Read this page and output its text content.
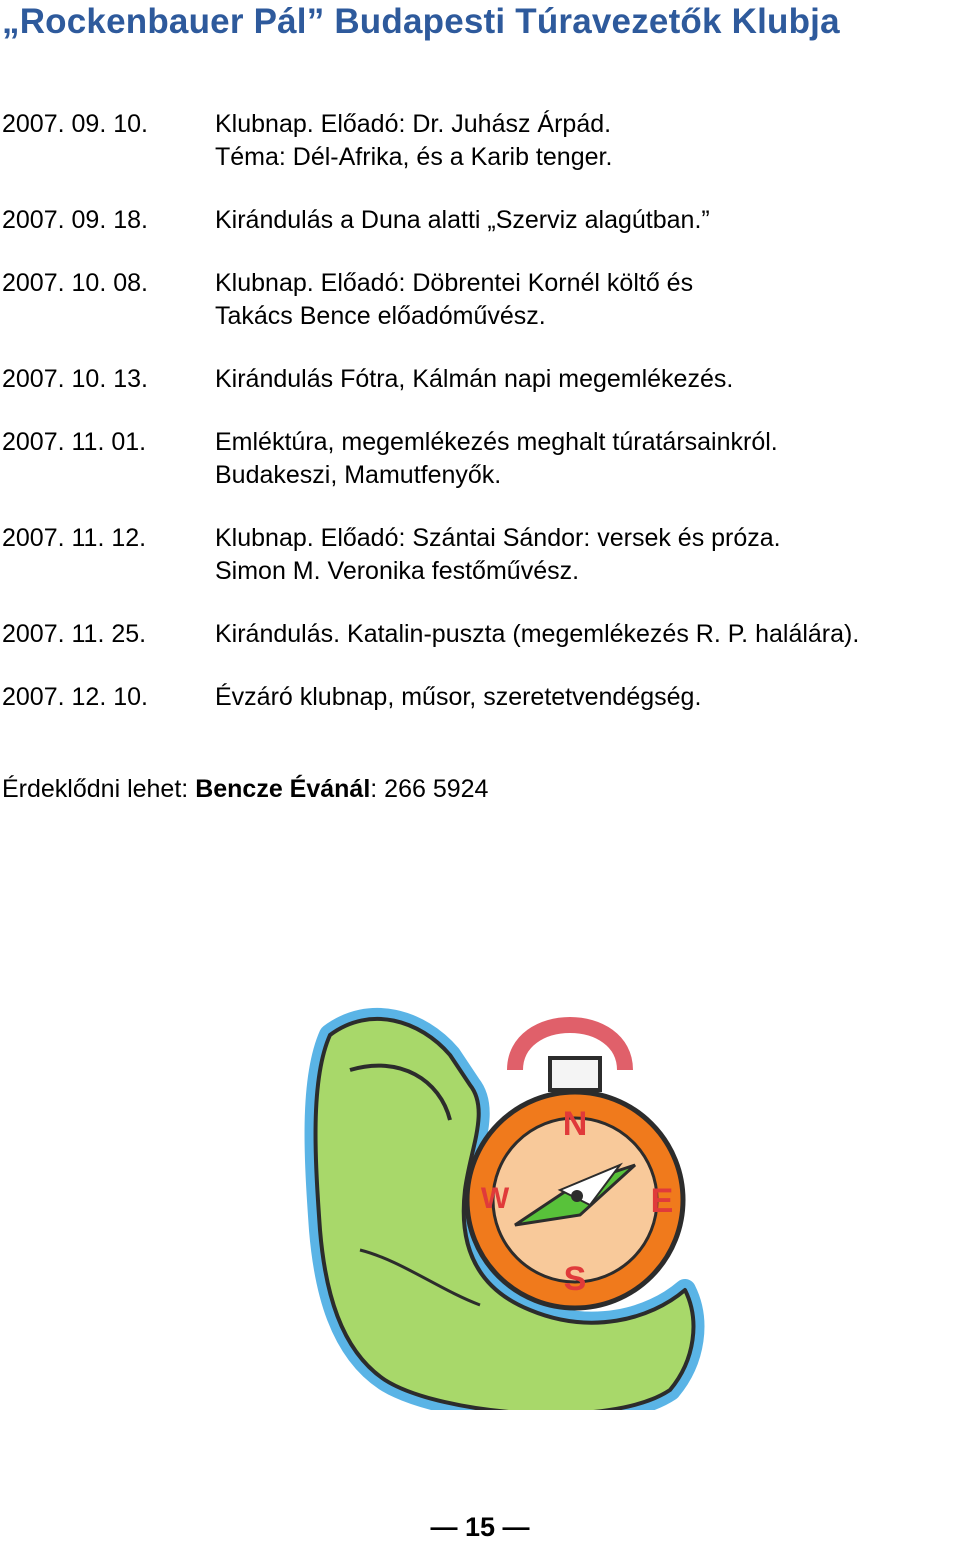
„Rockenbauer Pál” Budapesti Túravezetők Klubja
2007. 09. 10.	Klubnap. Előadó: Dr. Juhász Árpád.
Téma: Dél-Afrika, és a Karib tenger.
2007. 09. 18.	Kirándulás a Duna alatti „Szerviz alagútban.”
2007. 10. 08.	Klubnap. Előadó: Döbrentei Kornél költő és
Takács Bence előadóművész.
2007. 10. 13.	Kirándulás Fótra, Kálmán napi megemlékezés.
2007. 11. 01.	Emléktúra, megemlékezés meghalt túratársainkról.
Budakeszi, Mamutfenyők.
2007. 11. 12.	Klubnap. Előadó: Szántai Sándor: versek és próza.
Simon M. Veronika festőművész.
2007. 11. 25.	Kirándulás. Katalin-puszta (megemlékezés R. P. halálára).
2007. 12. 10.	Évzáró klubnap, műsor, szeretetvendégség.
Érdeklődni lehet: Bencze Évánál: 266 5924
N
S
E
W
— 15 —
